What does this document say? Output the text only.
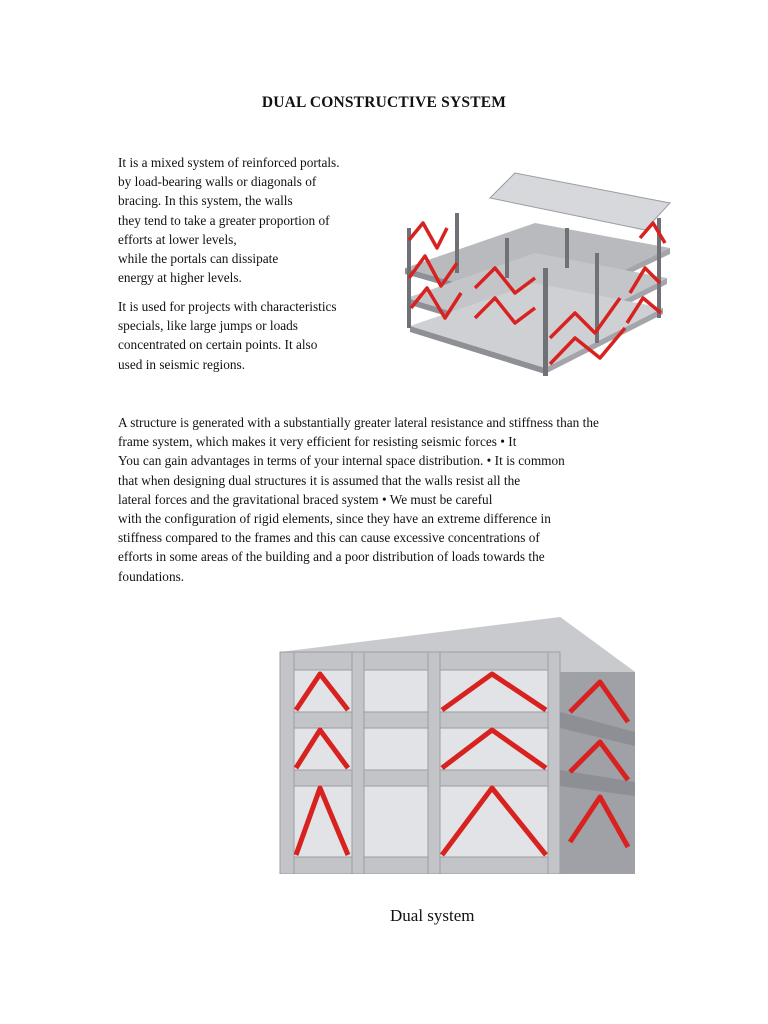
DUAL CONSTRUCTIVE SYSTEM
It is a mixed system of reinforced portals.
by load-bearing walls or diagonals of
bracing. In this system, the walls
they tend to take a greater proportion of
efforts at lower levels,
while the portals can dissipate
energy at higher levels.
It is used for projects with characteristics
specials, like large jumps or loads
concentrated on certain points. It also
used in seismic regions.
A structure is generated with a substantially greater lateral resistance and stiffness than the
frame system, which makes it very efficient for resisting seismic forces • It
You can gain advantages in terms of your internal space distribution. • It is common
that when designing dual structures it is assumed that the walls resist all the
lateral forces and the gravitational braced system • We must be careful
with the configuration of rigid elements, since they have an extreme difference in
stiffness compared to the frames and this can cause excessive concentrations of
efforts in some areas of the building and a poor distribution of loads towards the
foundations.
Dual system
